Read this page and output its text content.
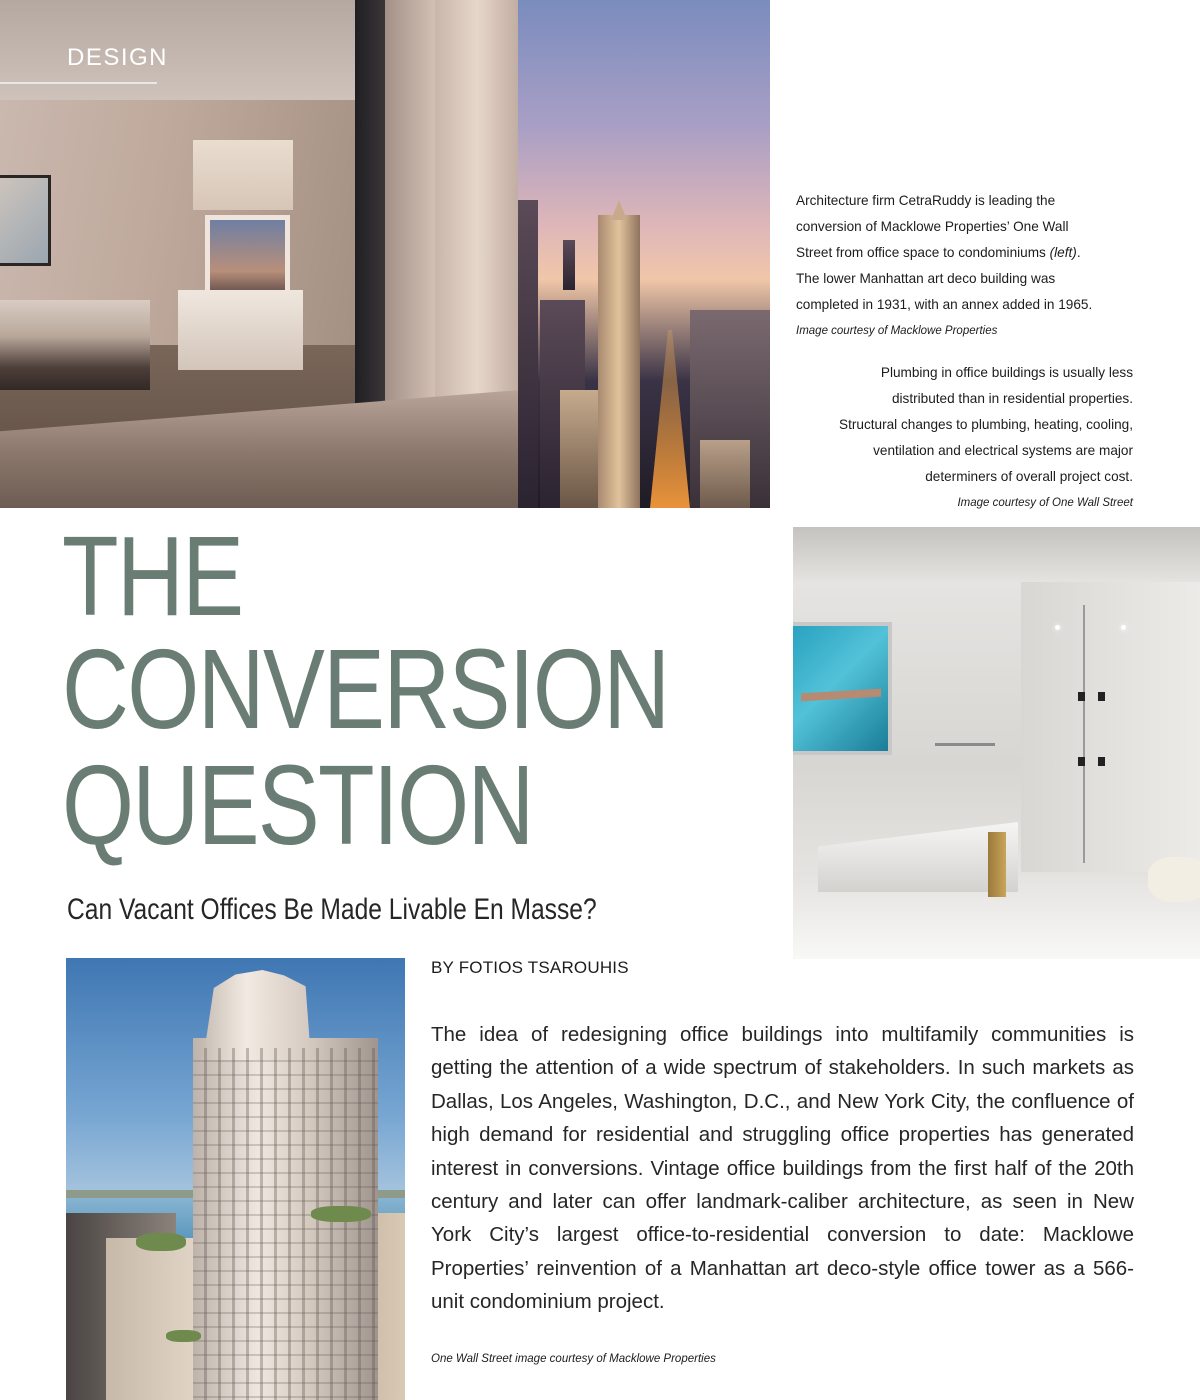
DESIGN
Architecture firm CetraRuddy is leading the
conversion of Macklowe Properties’ One Wall
Street from office space to condominiums (left).
The lower Manhattan art deco building was
completed in 1931, with an annex added in 1965.
Image courtesy of Macklowe Properties
Plumbing in office buildings is usually less
distributed than in residential properties.
Structural changes to plumbing, heating, cooling,
ventilation and electrical systems are major
determiners of overall project cost.
Image courtesy of One Wall Street
THE
CONVERSION
QUESTION
Can Vacant Offices Be Made Livable En Masse?
BY FOTIOS TSAROUHIS
The idea of redesigning office buildings into multifamily communities is getting the attention of a wide spectrum of stakeholders. In such markets as Dallas, Los Angeles, Washington, D.C., and New York City, the confluence of high demand for residential and struggling office properties has generated interest in conversions. Vintage office buildings from the first half of the 20th century and later can offer landmark-caliber architecture, as seen in New York City’s largest office-to-residential conversion to date: Macklowe Properties’ reinvention of a Manhattan art deco-style office tower as a 566-unit condominium project.
One Wall Street image courtesy of Macklowe Properties
